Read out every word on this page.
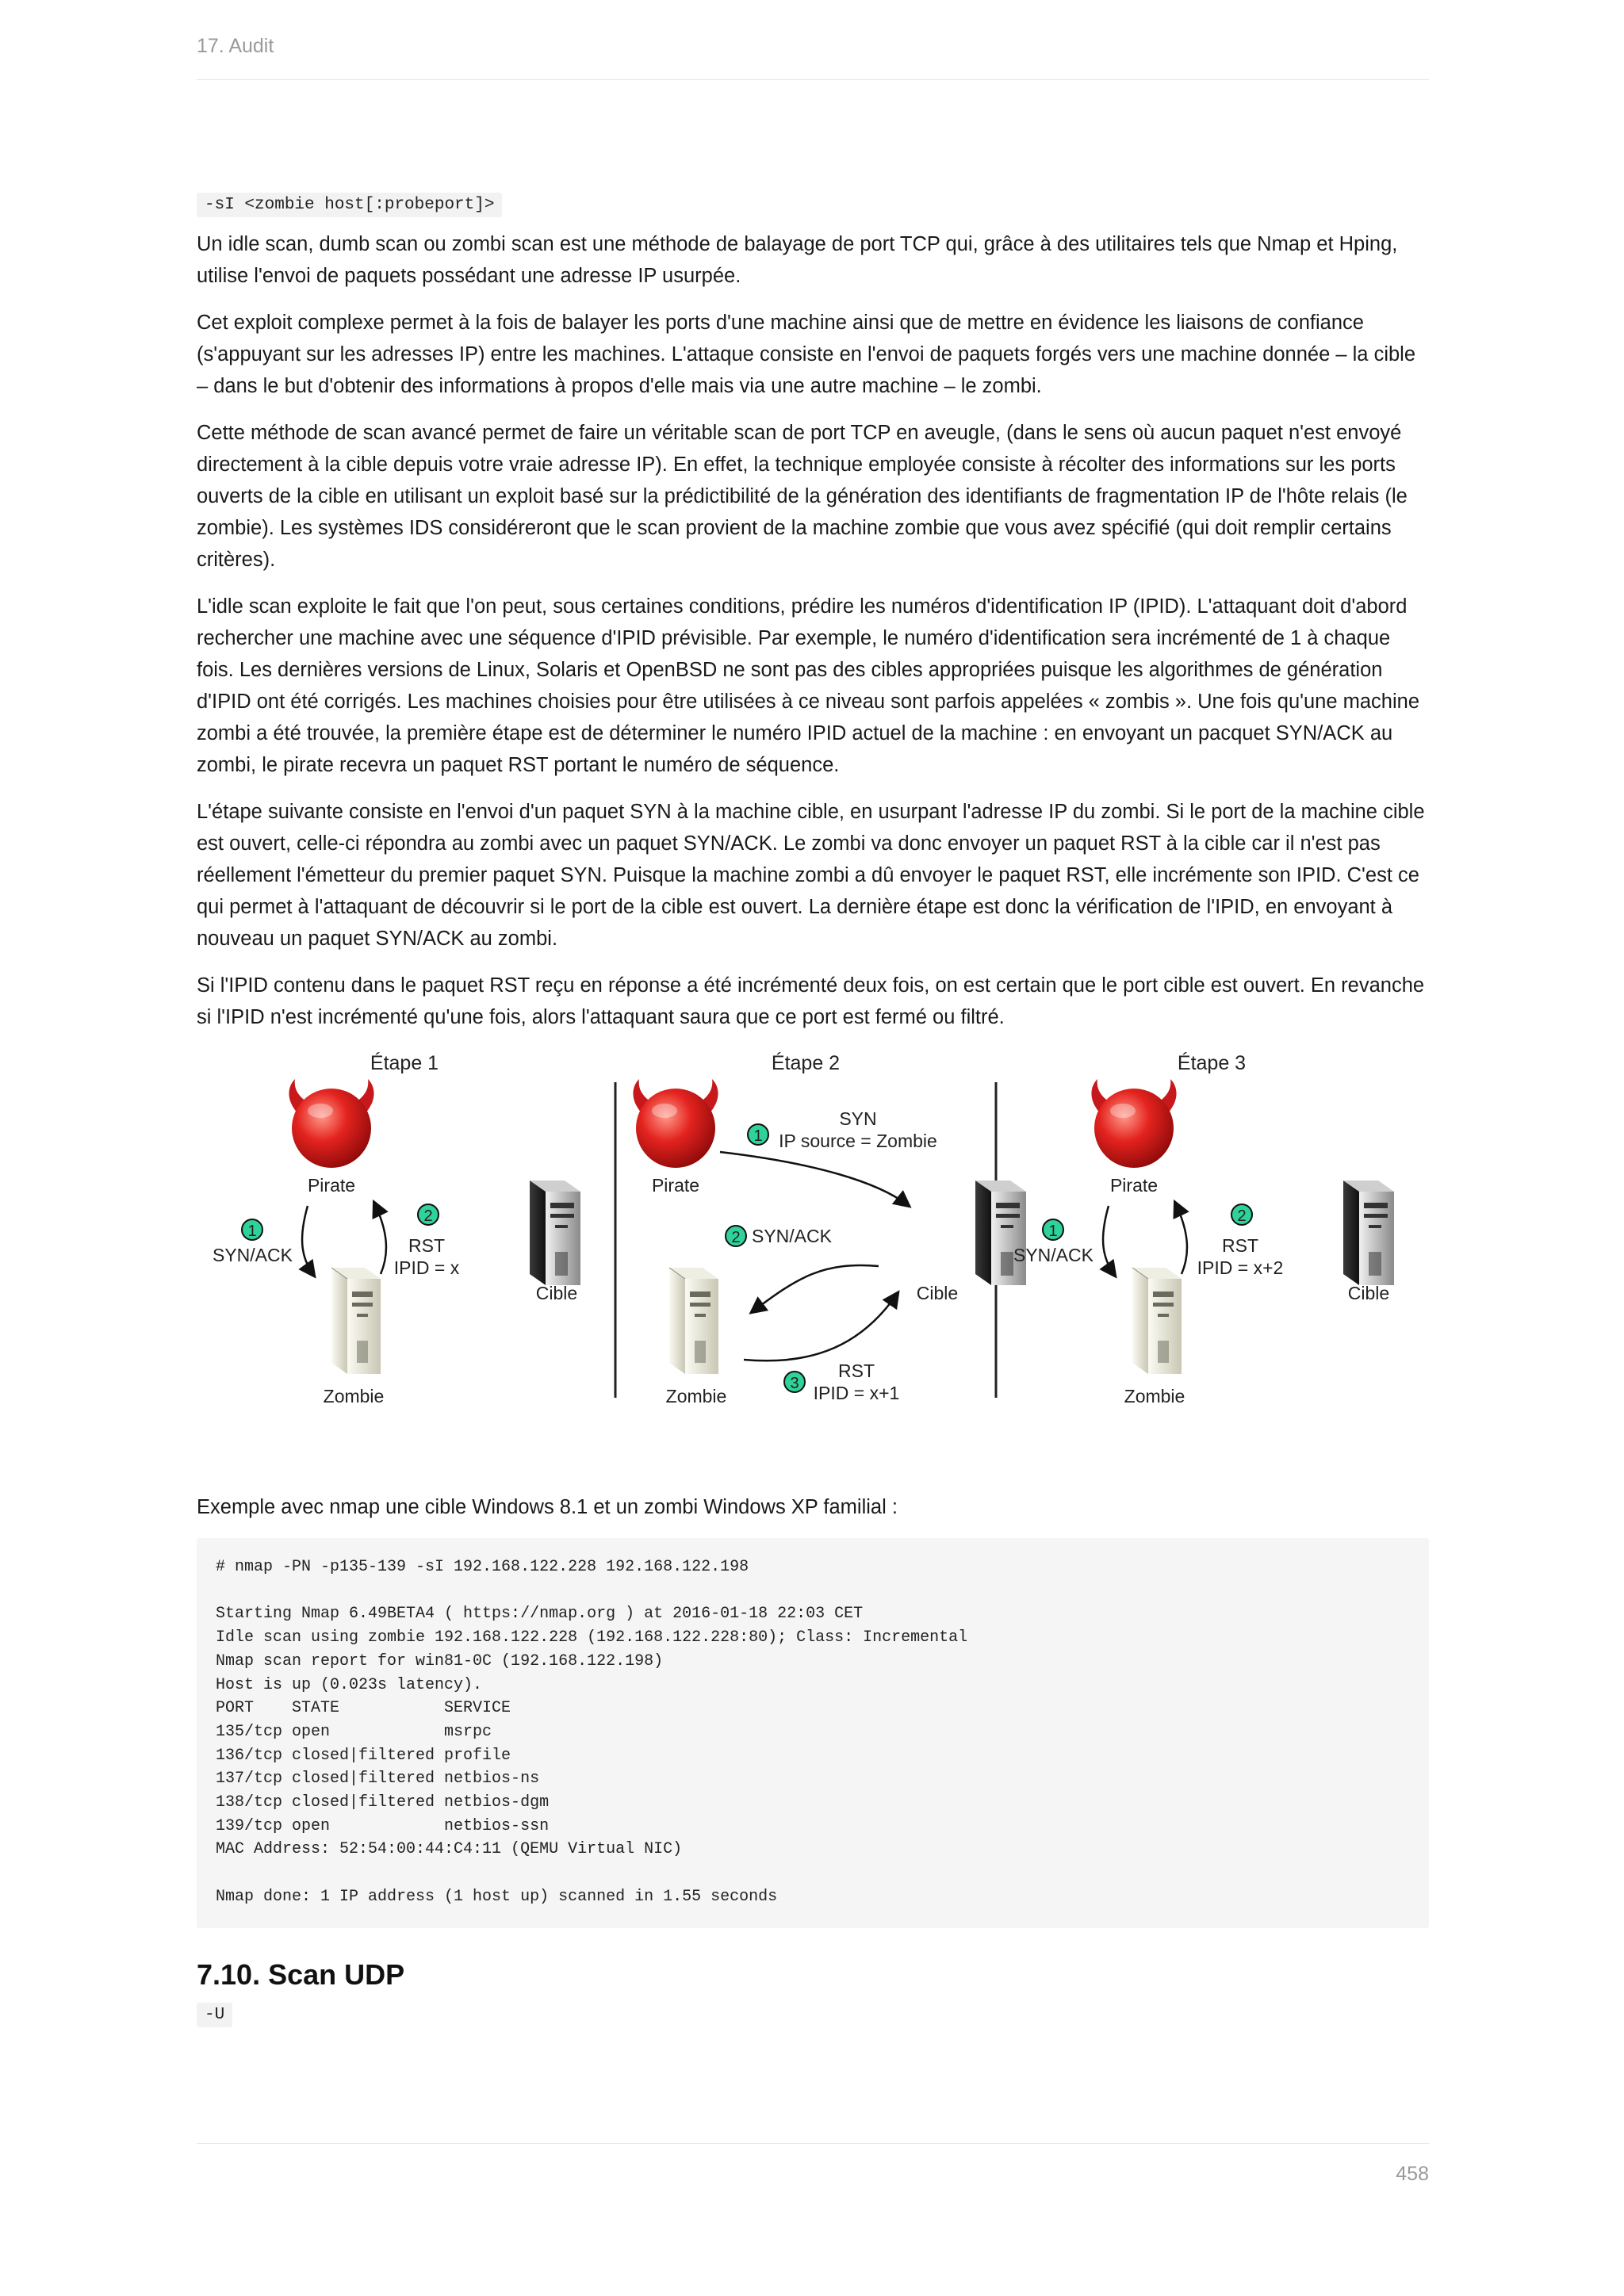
17. Audit
-sI <zombie host[:probeport]>

Un idle scan, dumb scan ou zombi scan est une méthode de balayage de port TCP qui, grâce à des utilitaires tels que Nmap et Hping, utilise l'envoi de paquets possédant une adresse IP usurpée.

Cet exploit complexe permet à la fois de balayer les ports d'une machine ainsi que de mettre en évidence les liaisons de confiance (s'appuyant sur les adresses IP) entre les machines. L'attaque consiste en l'envoi de paquets forgés vers une machine donnée – la cible – dans le but d'obtenir des informations à propos d'elle mais via une autre machine – le zombi.

Cette méthode de scan avancé permet de faire un véritable scan de port TCP en aveugle, (dans le sens où aucun paquet n'est envoyé directement à la cible depuis votre vraie adresse IP). En effet, la technique employée consiste à récolter des informations sur les ports ouverts de la cible en utilisant un exploit basé sur la prédictibilité de la génération des identifiants de fragmentation IP de l'hôte relais (le zombie). Les systèmes IDS considéreront que le scan provient de la machine zombie que vous avez spécifié (qui doit remplir certains critères).

L'idle scan exploite le fait que l'on peut, sous certaines conditions, prédire les numéros d'identification IP (IPID). L'attaquant doit d'abord rechercher une machine avec une séquence d'IPID prévisible. Par exemple, le numéro d'identification sera incrémenté de 1 à chaque fois. Les dernières versions de Linux, Solaris et OpenBSD ne sont pas des cibles appropriées puisque les algorithmes de génération d'IPID ont été corrigés. Les machines choisies pour être utilisées à ce niveau sont parfois appelées « zombis ». Une fois qu'une machine zombi a été trouvée, la première étape est de déterminer le numéro IPID actuel de la machine : en envoyant un pacquet SYN/ACK au zombi, le pirate recevra un paquet RST portant le numéro de séquence.

L'étape suivante consiste en l'envoi d'un paquet SYN à la machine cible, en usurpant l'adresse IP du zombi. Si le port de la machine cible est ouvert, celle-ci répondra au zombi avec un paquet SYN/ACK. Le zombi va donc envoyer un paquet RST à la cible car il n'est pas réellement l'émetteur du premier paquet SYN. Puisque la machine zombi a dû envoyer le paquet RST, elle incrémente son IPID. C'est ce qui permet à l'attaquant de découvrir si le port de la cible est ouvert. La dernière étape est donc la vérification de l'IPID, en envoyant à nouveau un paquet SYN/ACK au zombi.

Si l'IPID contenu dans le paquet RST reçu en réponse a été incrémenté deux fois, on est certain que le port cible est ouvert. En revanche si l'IPID n'est incrémenté qu'une fois, alors l'attaquant saura que ce port est fermé ou filtré.

Étape 1
Pirate
Zombie
Cible
1
SYN/ACK
2
RST
IPID = x
Étape 2
Pirate
Cible
Zombie
1
SYN
IP source = Zombie
2 SYN/ACK
3
RST
IPID = x+1
Étape 3
Pirate
Zombie
Cible
1
SYN/ACK
2
RST
IPID = x+2

Exemple avec nmap une cible Windows 8.1 et un zombi Windows XP familial :

# nmap -PN -p135-139 -sI 192.168.122.228 192.168.122.198
Starting Nmap 6.49BETA4 ( https://nmap.org ) at 2016-01-18 22:03 CET
Idle scan using zombie 192.168.122.228 (192.168.122.228:80); Class: Incremental
Nmap scan report for win81-0C (192.168.122.198)
Host is up (0.023s latency).
PORT    STATE           SERVICE
135/tcp open            msrpc
136/tcp closed|filtered profile
137/tcp closed|filtered netbios-ns
138/tcp closed|filtered netbios-dgm
139/tcp open            netbios-ssn
MAC Address: 52:54:00:44:C4:11 (QEMU Virtual NIC)
Nmap done: 1 IP address (1 host up) scanned in 1.55 seconds
7.10. Scan UDP
-U
458
